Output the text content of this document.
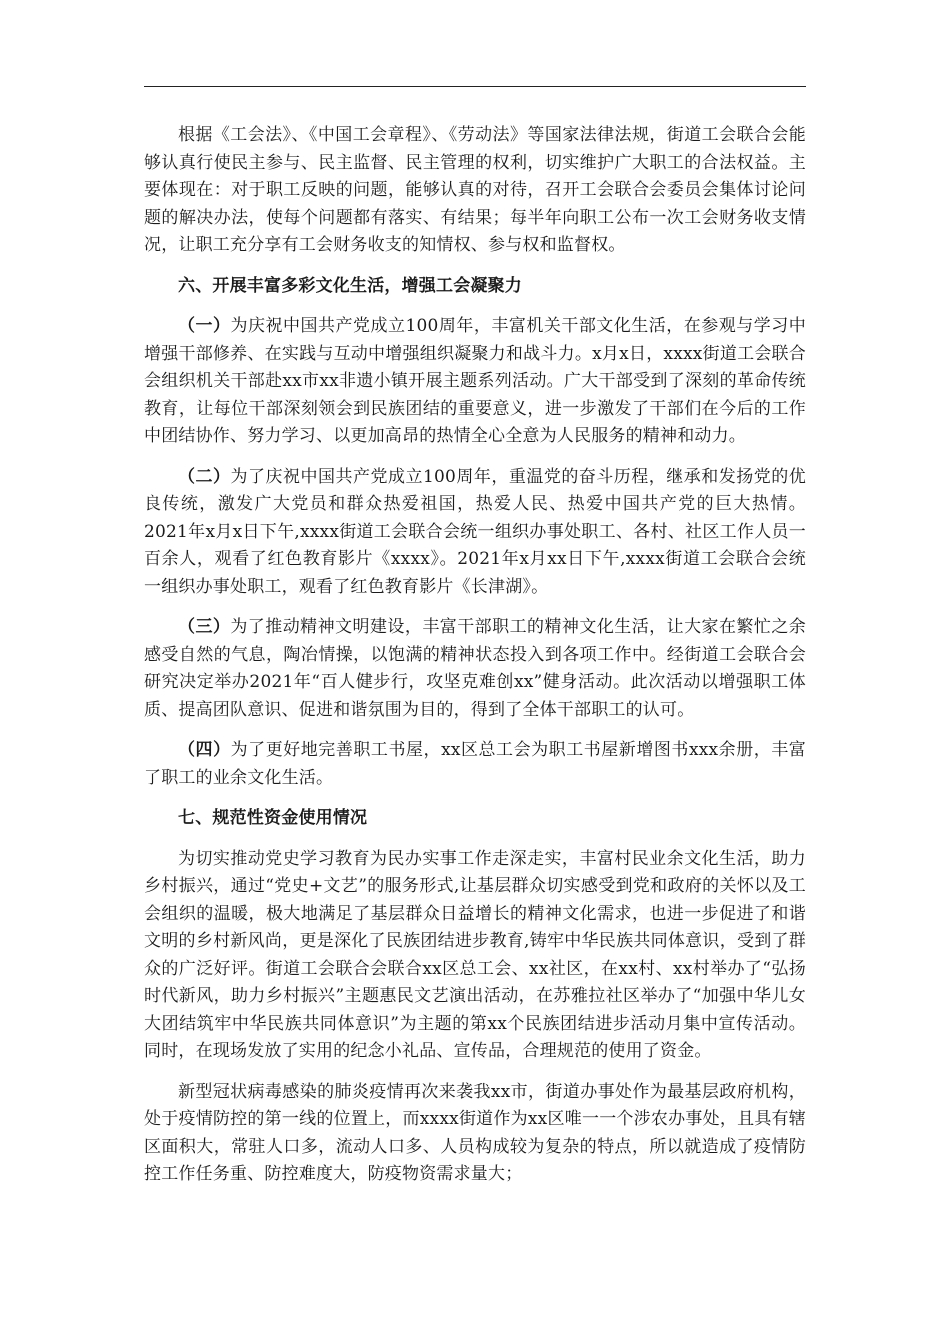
根据《工会法》、《中国工会章程》、《劳动法》等国家法律法规，街道工会联合会能够认真行使民主参与、民主监督、民主管理的权利，切实维护广大职工的合法权益。主要体现在：对于职工反映的问题，能够认真的对待，召开工会联合会委员会集体讨论问题的解决办法，使每个问题都有落实、有结果；每半年向职工公布一次工会财务收支情况，让职工充分享有工会财务收支的知情权、参与权和监督权。

六、开展丰富多彩文化生活，增强工会凝聚力

（一）为庆祝中国共产党成立100周年，丰富机关干部文化生活，在参观与学习中增强干部修养、在实践与互动中增强组织凝聚力和战斗力。x月x日，xxxx街道工会联合会组织机关干部赴xx市xx非遗小镇开展主题系列活动。广大干部受到了深刻的革命传统教育，让每位干部深刻领会到民族团结的重要意义，进一步激发了干部们在今后的工作中团结协作、努力学习、以更加高昂的热情全心全意为人民服务的精神和动力。

（二）为了庆祝中国共产党成立100周年，重温党的奋斗历程，继承和发扬党的优良传统，激发广大党员和群众热爱祖国，热爱人民、热爱中国共产党的巨大热情。2021年x月x日下午,xxxx街道工会联合会统一组织办事处职工、各村、社区工作人员一百余人，观看了红色教育影片《xxxx》。2021年x月xx日下午,xxxx街道工会联合会统一组织办事处职工，观看了红色教育影片《长津湖》。

（三）为了推动精神文明建设，丰富干部职工的精神文化生活，让大家在繁忙之余感受自然的气息，陶冶情操，以饱满的精神状态投入到各项工作中。经街道工会联合会研究决定举办2021年“百人健步行，攻坚克难创xx”健身活动。此次活动以增强职工体质、提高团队意识、促进和谐氛围为目的，得到了全体干部职工的认可。

（四）为了更好地完善职工书屋，xx区总工会为职工书屋新增图书xxx余册，丰富了职工的业余文化生活。

七、规范性资金使用情况

为切实推动党史学习教育为民办实事工作走深走实，丰富村民业余文化生活，助力乡村振兴，通过“党史+文艺”的服务形式,让基层群众切实感受到党和政府的关怀以及工会组织的温暖，极大地满足了基层群众日益增长的精神文化需求，也进一步促进了和谐文明的乡村新风尚，更是深化了民族团结进步教育,铸牢中华民族共同体意识，受到了群众的广泛好评。街道工会联合会联合xx区总工会、xx社区，在xx村、xx村举办了“弘扬时代新风，助力乡村振兴”主题惠民文艺演出活动，在苏雅拉社区举办了“加强中华儿女大团结筑牢中华民族共同体意识”为主题的第xx个民族团结进步活动月集中宣传活动。同时，在现场发放了实用的纪念小礼品、宣传品，合理规范的使用了资金。

新型冠状病毒感染的肺炎疫情再次来袭我xx市，街道办事处作为最基层政府机构，处于疫情防控的第一线的位置上，而xxxx街道作为xx区唯一一个涉农办事处，且具有辖区面积大，常驻人口多，流动人口多、人员构成较为复杂的特点，所以就造成了疫情防控工作任务重、防控难度大，防疫物资需求量大；
